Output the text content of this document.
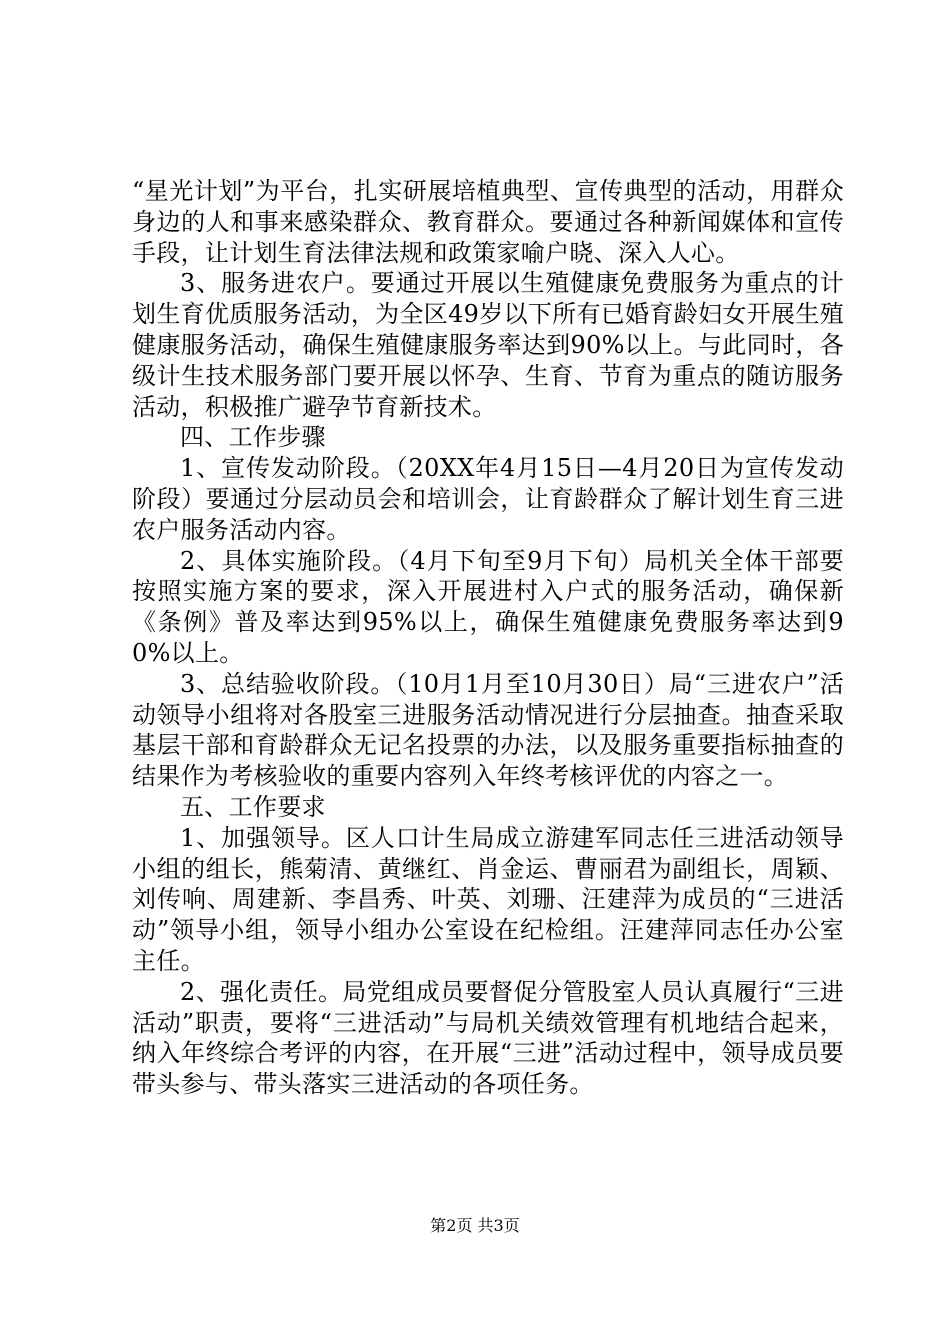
“星光计划”为平台，扎实研展培植典型、宣传典型的活动，用群众身边的人和事来感染群众、教育群众。要通过各种新闻媒体和宣传手段，让计划生育法律法规和政策家喻户晓、深入人心。

3、服务进农户。要通过开展以生殖健康免费服务为重点的计划生育优质服务活动，为全区49岁以下所有已婚育龄妇女开展生殖健康服务活动，确保生殖健康服务率达到90%以上。与此同时，各级计生技术服务部门要开展以怀孕、生育、节育为重点的随访服务活动，积极推广避孕节育新技术。

四、工作步骤

1、宣传发动阶段。（20XX年4月15日—4月20日为宣传发动阶段）要通过分层动员会和培训会，让育龄群众了解计划生育三进农户服务活动内容。

2、具体实施阶段。（4月下旬至9月下旬）局机关全体干部要按照实施方案的要求，深入开展进村入户式的服务活动，确保新《条例》普及率达到95%以上，确保生殖健康免费服务率达到90%以上。

3、总结验收阶段。（10月1月至10月30日）局“三进农户”活动领导小组将对各股室三进服务活动情况进行分层抽查。抽查采取基层干部和育龄群众无记名投票的办法，以及服务重要指标抽查的结果作为考核验收的重要内容列入年终考核评优的内容之一。

五、工作要求

1、加强领导。区人口计生局成立游建军同志任三进活动领导小组的组长，熊菊清、黄继红、肖金运、曹丽君为副组长，周颖、刘传响、周建新、李昌秀、叶英、刘珊、汪建萍为成员的“三进活动”领导小组，领导小组办公室设在纪检组。汪建萍同志任办公室主任。

2、强化责任。局党组成员要督促分管股室人员认真履行“三进活动”职责，要将“三进活动”与局机关绩效管理有机地结合起来，纳入年终综合考评的内容，在开展“三进”活动过程中，领导成员要带头参与、带头落实三进活动的各项任务。

第2页 共3页
